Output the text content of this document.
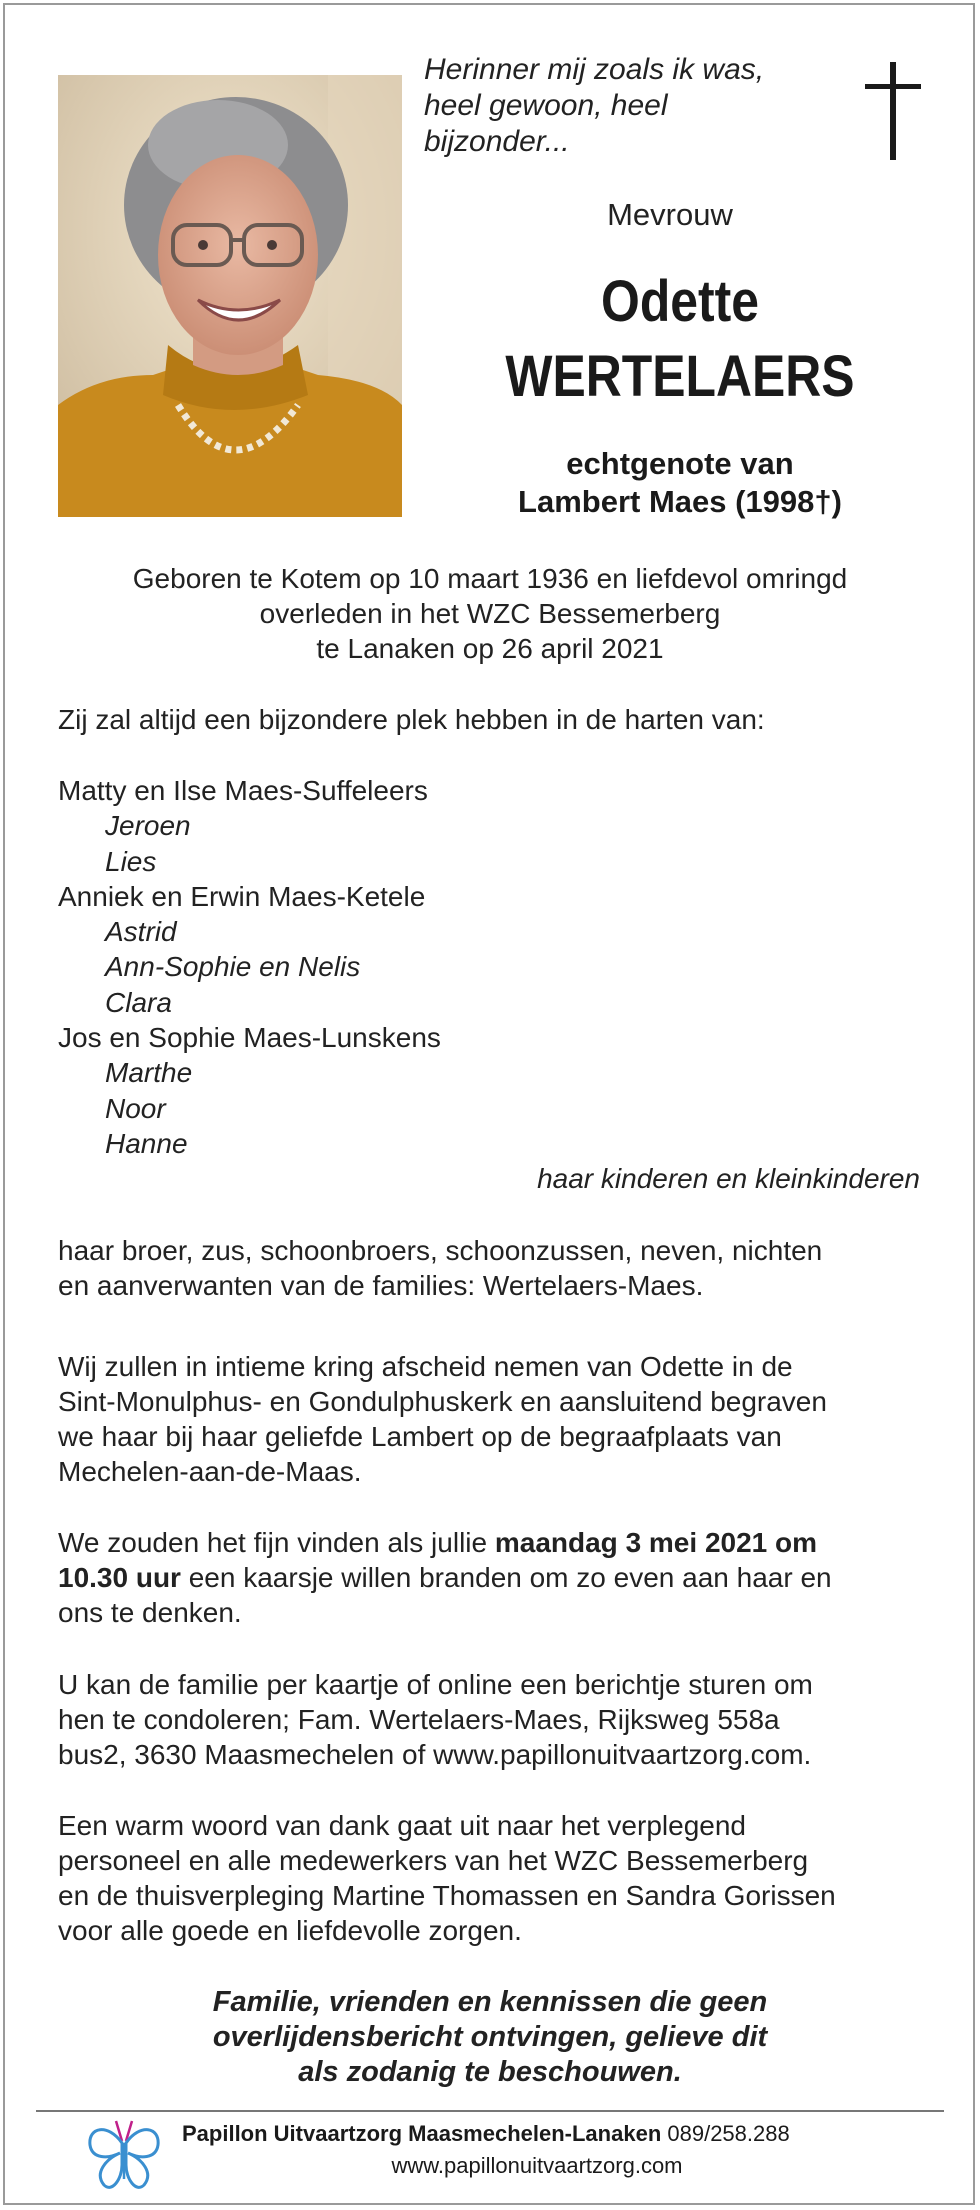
Herinner mij zoals ik was,
heel gewoon, heel
bijzonder...
Mevrouw
Odette
WERTELAERS
echtgenote van
Lambert Maes (1998†)
Geboren te Kotem op 10 maart 1936 en liefdevol omringd
overleden in het WZC Bessemerberg
te Lanaken op 26 april 2021
Zij zal altijd een bijzondere plek hebben in de harten van:
Matty en Ilse Maes-Suffeleers
Jeroen
Lies
Anniek en Erwin Maes-Ketele
Astrid
Ann-Sophie en Nelis
Clara
Jos en Sophie Maes-Lunskens
Marthe
Noor
Hanne
haar kinderen en kleinkinderen
haar broer, zus, schoonbroers, schoonzussen, neven, nichten
en aanverwanten van de families: Wertelaers-Maes.
Wij zullen in intieme kring afscheid nemen van Odette in de
Sint-Monulphus- en Gondulphuskerk en aansluitend begraven
we haar bij haar geliefde Lambert op de begraafplaats van
Mechelen-aan-de-Maas.
We zouden het fijn vinden als jullie maandag 3 mei 2021 om
10.30 uur een kaarsje willen branden om zo even aan haar en
ons te denken.
U kan de familie per kaartje of online een berichtje sturen om
hen te condoleren; Fam. Wertelaers-Maes, Rijksweg 558a
bus2, 3630 Maasmechelen of www.papillonuitvaartzorg.com.
Een warm woord van dank gaat uit naar het verplegend
personeel en alle medewerkers van het WZC Bessemerberg
en de thuisverpleging Martine Thomassen en Sandra Gorissen
voor alle goede en liefdevolle zorgen.
Familie, vrienden en kennissen die geen
overlijdensbericht ontvingen, gelieve dit
als zodanig te beschouwen.
Papillon Uitvaartzorg Maasmechelen-Lanaken 089/258.288
www.papillonuitvaartzorg.com
